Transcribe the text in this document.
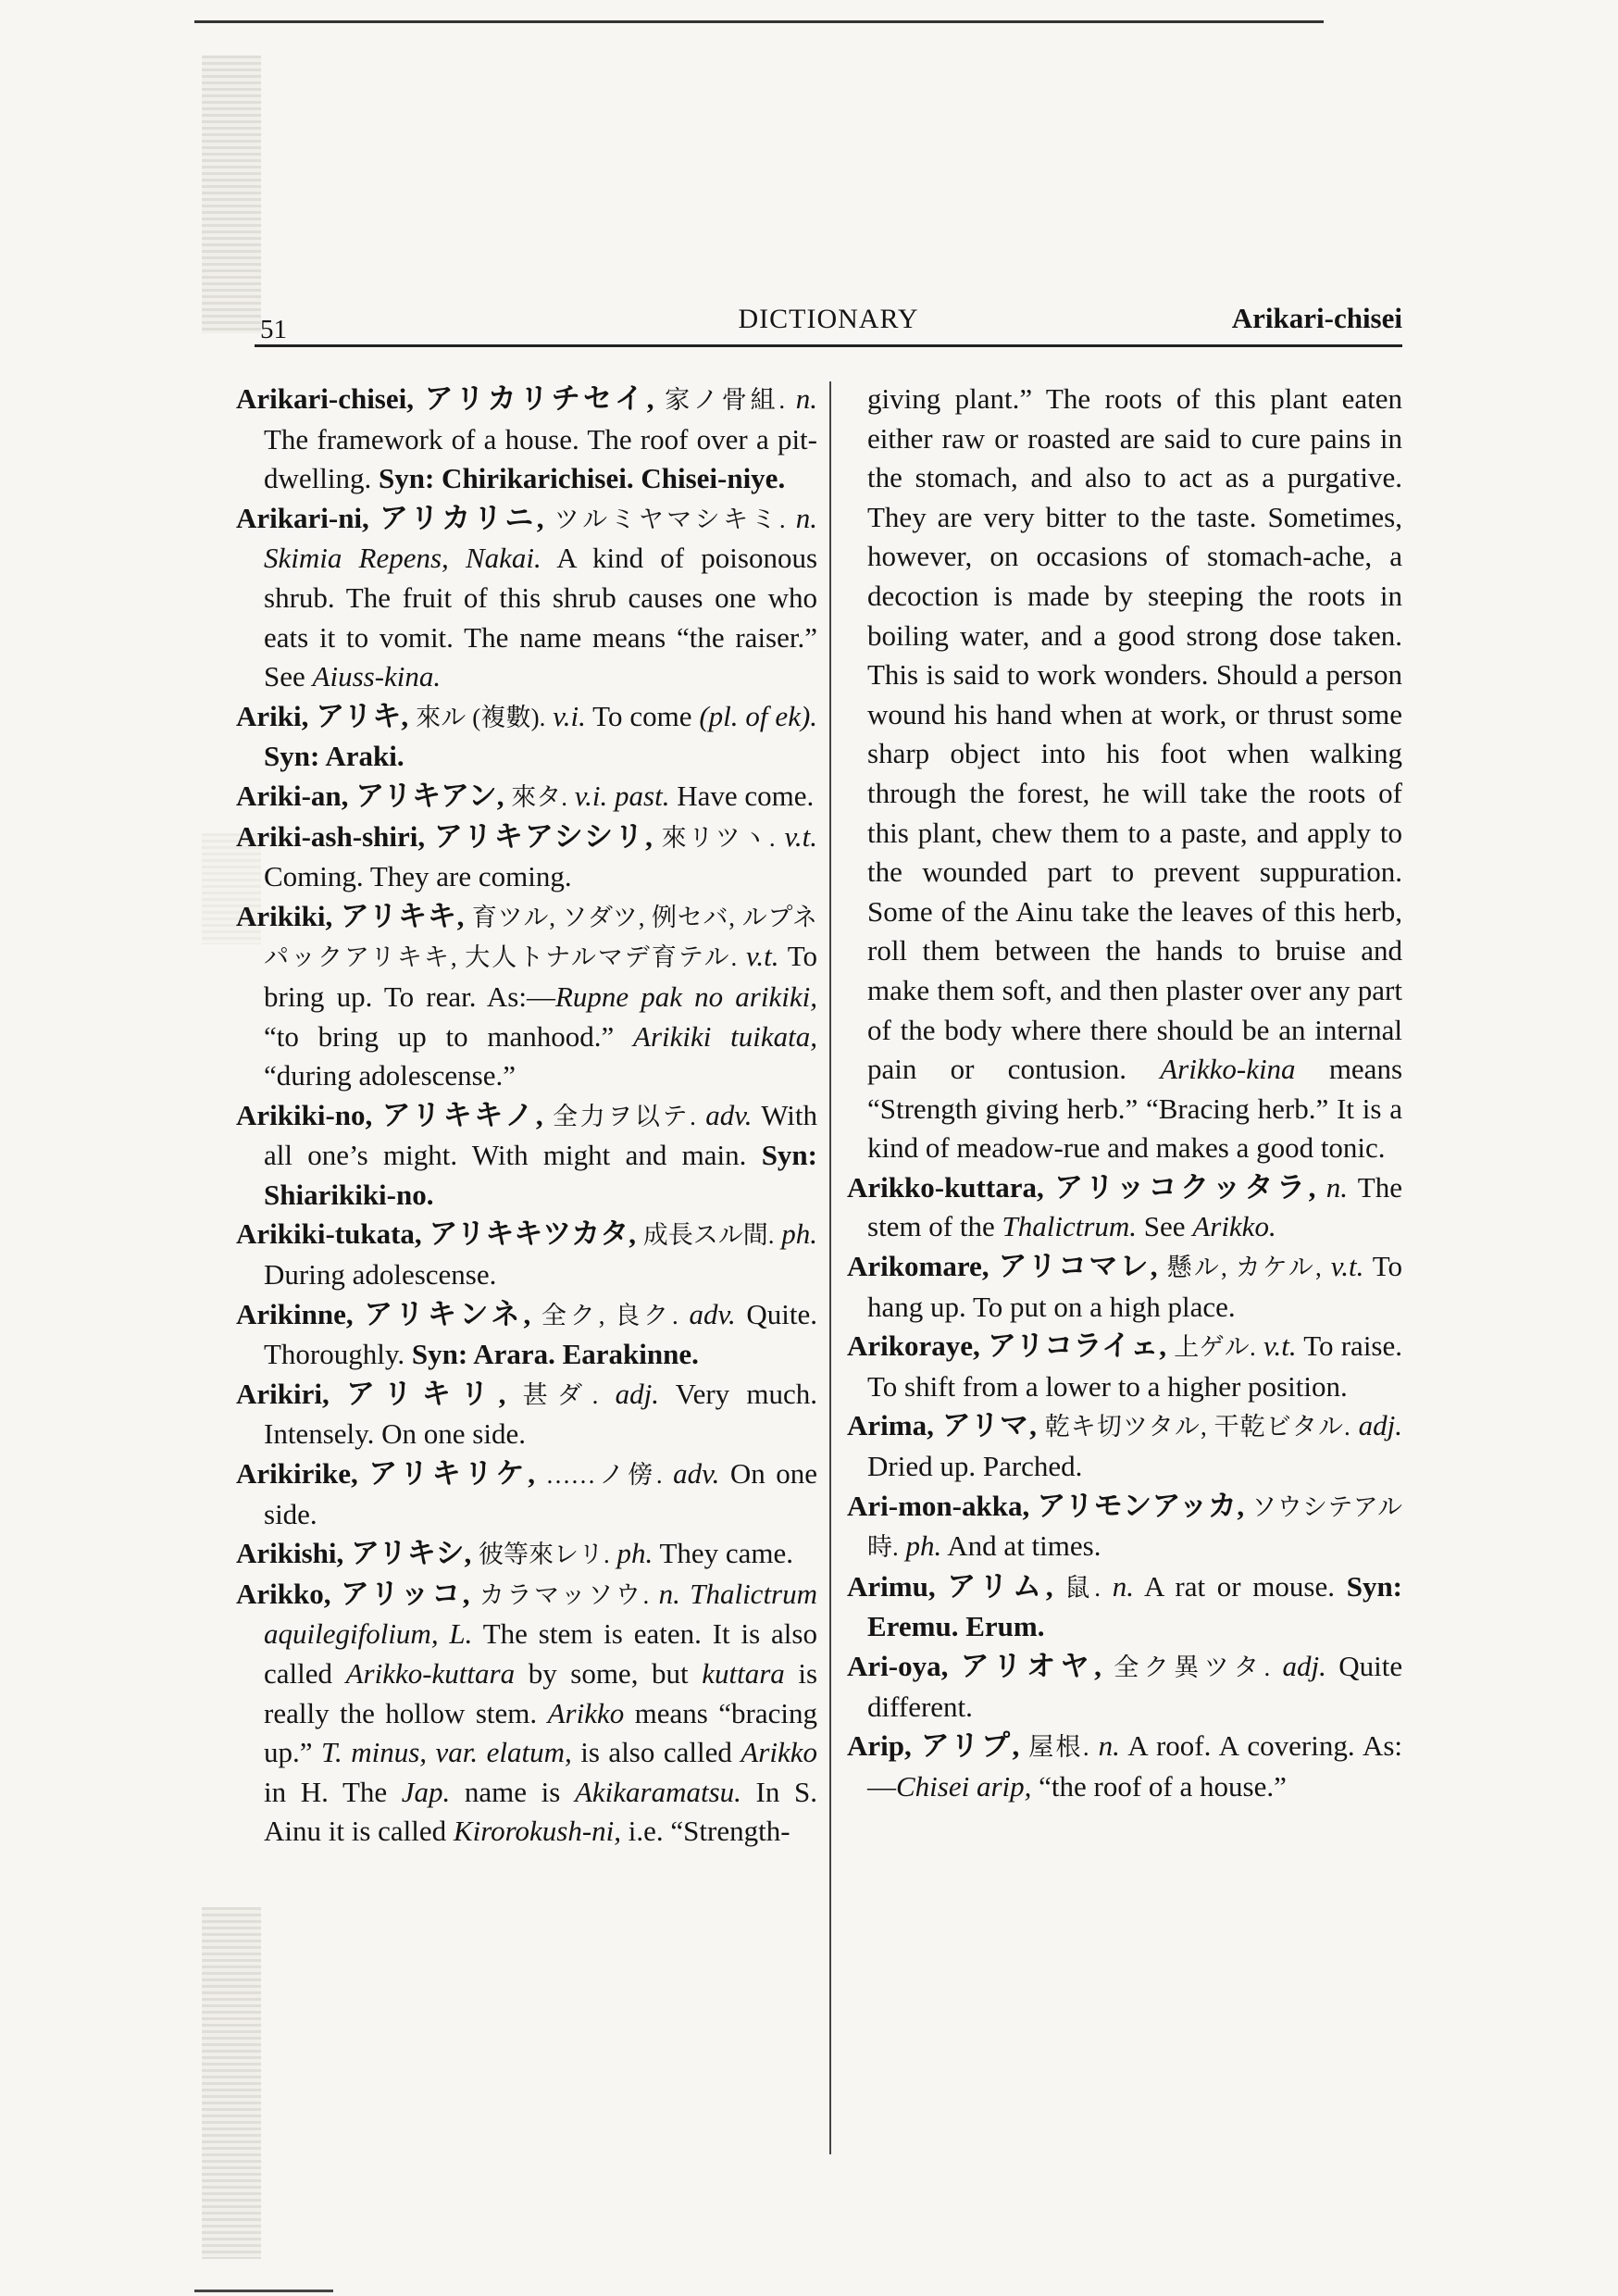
51	DICTIONARY	Arikari-chisei

Arikari-chisei, アリカリチセイ, 家ノ骨組. n. The framework of a house. The roof over a pit-dwelling. Syn: Chirikarichisei. Chisei-niye.

Arikari-ni, アリカリニ, ツルミヤマシキミ. n. Skimia Repens, Nakai. A kind of poisonous shrub. The fruit of this shrub causes one who eats it to vomit. The name means “the raiser.” See Aiuss-kina.

Ariki, アリキ, 來ル (複數). v.i. To come (pl. of ek). Syn: Araki.

Ariki-an, アリキアン, 來タ. v.i. past. Have come.

Ariki-ash-shiri, アリキアシシリ, 來リツヽ. v.t. Coming. They are coming.

Arikiki, アリキキ, 育ツル, ソダツ, 例セバ, ルプネパックアリキキ, 大人トナルマデ育テル. v.t. To bring up. To rear. As:—Rupne pak no arikiki, “to bring up to manhood.” Arikiki tuikata, “during adolescense.”

Arikiki-no, アリキキノ, 全力ヲ以テ. adv. With all one’s might. With might and main. Syn: Shiarikiki-no.

Arikiki-tukata, アリキキツカタ, 成長スル間. ph. During adolescense.

Arikinne, アリキンネ, 全ク, 良ク. adv. Quite. Thoroughly. Syn: Arara. Earakinne.

Arikiri, アリキリ, 甚ダ. adj. Very much. Intensely. On one side.

Arikirike, アリキリケ, ……ノ傍. adv. On one side.

Arikishi, アリキシ, 彼等來レリ. ph. They came.

Arikko, アリッコ, カラマッソウ. n. Thalictrum aquilegifolium, L. The stem is eaten. It is also called Arikko-kuttara by some, but kuttara is really the hollow stem. Arikko means “bracing up.” T. minus, var. elatum, is also called Arikko in H. The Jap. name is Akikaramatsu. In S. Ainu it is called Kirorokush-ni, i.e. “Strength-

giving plant.” The roots of this plant eaten either raw or roasted are said to cure pains in the stomach, and also to act as a purgative. They are very bitter to the taste. Sometimes, however, on occasions of stomach-ache, a decoction is made by steeping the roots in boiling water, and a good strong dose taken. This is said to work wonders. Should a person wound his hand when at work, or thrust some sharp object into his foot when walking through the forest, he will take the roots of this plant, chew them to a paste, and apply to the wounded part to prevent suppuration. Some of the Ainu take the leaves of this herb, roll them between the hands to bruise and make them soft, and then plaster over any part of the body where there should be an internal pain or contusion. Arikko-kina means “Strength giving herb.” “Bracing herb.” It is a kind of meadow-rue and makes a good tonic.

Arikko-kuttara, アリッコクッタラ, n. The stem of the Thalictrum. See Arikko.

Arikomare, アリコマレ, 懸ル, カケル, v.t. To hang up. To put on a high place.

Arikoraye, アリコライェ, 上ゲル. v.t. To raise. To shift from a lower to a higher position.

Arima, アリマ, 乾キ切ツタル, 干乾ビタル. adj. Dried up. Parched.

Ari-mon-akka, アリモンアッカ, ソウシテアル時. ph. And at times.

Arimu, アリム, 鼠. n. A rat or mouse. Syn: Eremu. Erum.

Ari-oya, アリオヤ, 全ク異ツタ. adj. Quite different.

Arip, アリプ, 屋根. n. A roof. A covering. As:—Chisei arip, “the roof of a house.”
